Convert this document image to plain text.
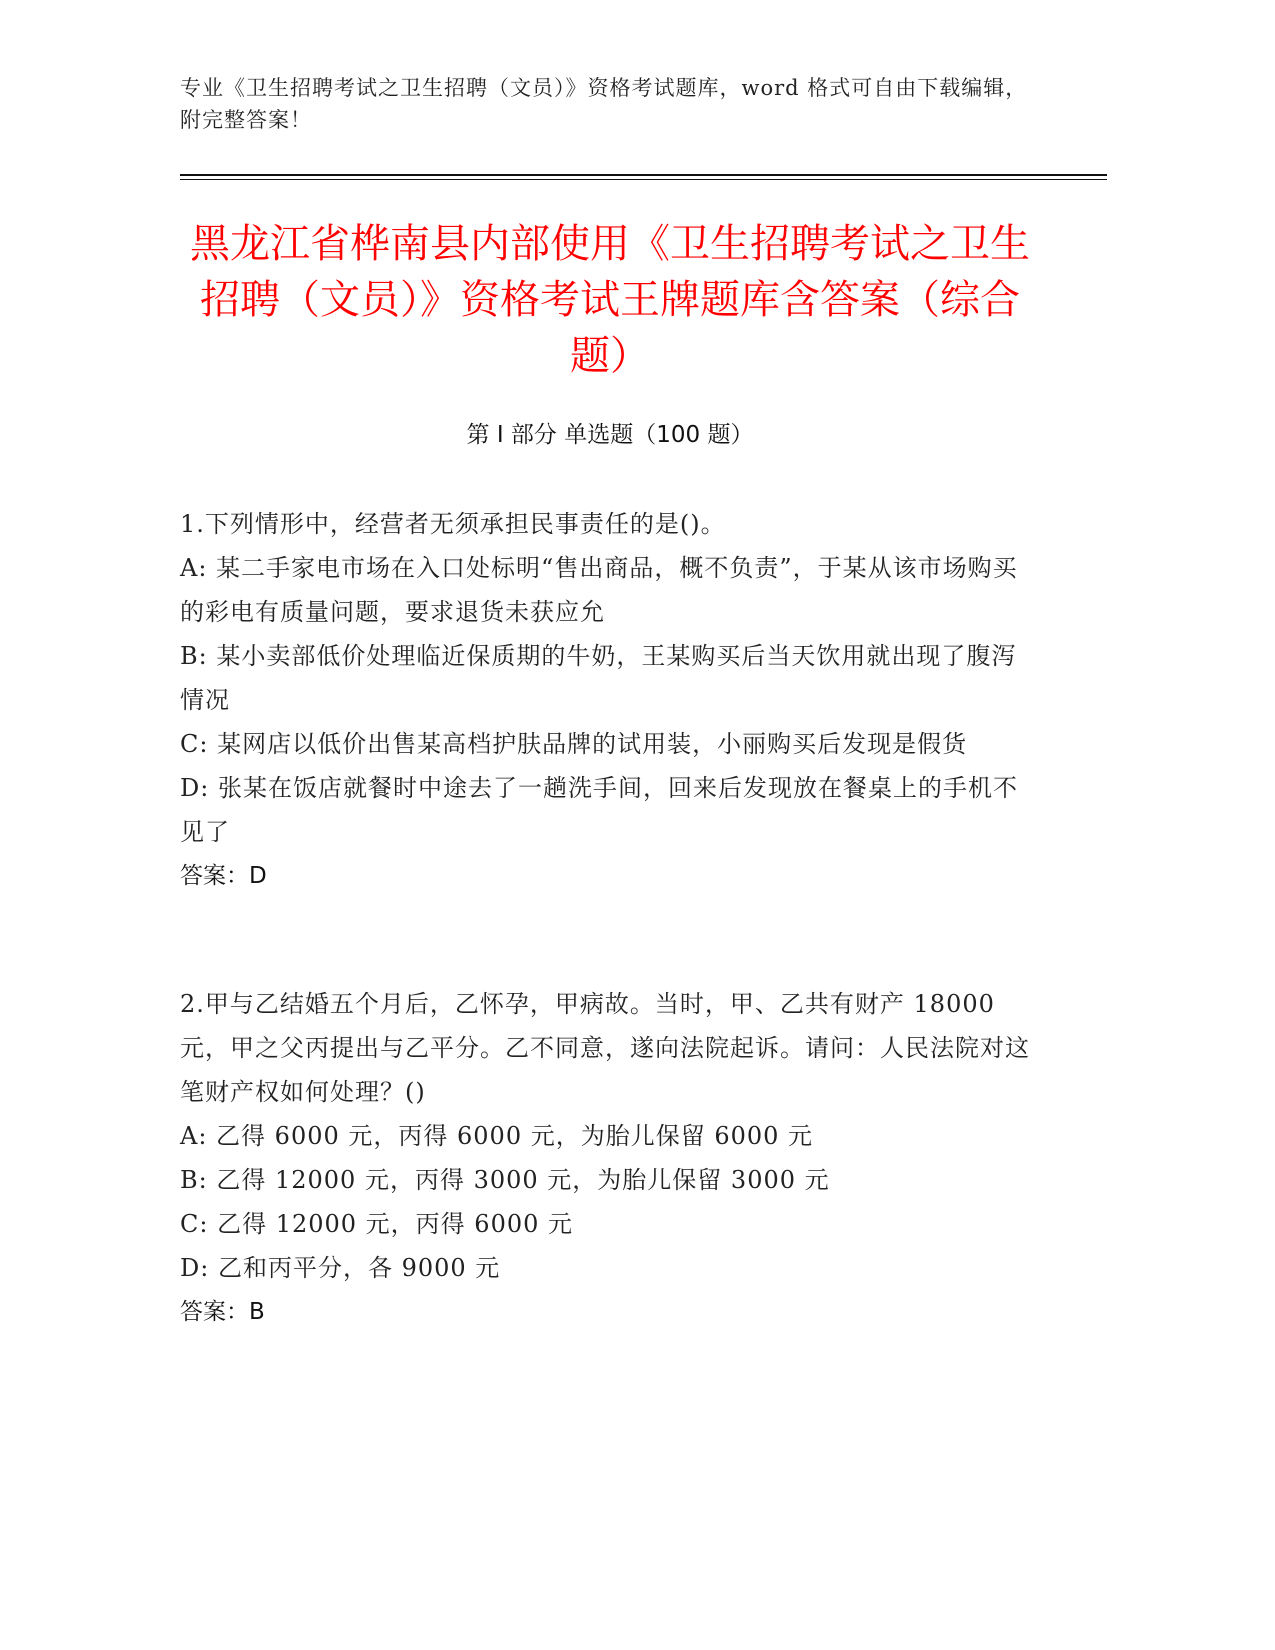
专业《卫生招聘考试之卫生招聘（文员）》资格考试题库，word 格式可自由下载编辑，附完整答案！
黑龙江省桦南县内部使用《卫生招聘考试之卫生招聘（文员）》资格考试王牌题库含答案（综合题）
第 I 部分 单选题（100 题）

1.下列情形中，经营者无须承担民事责任的是()。

A: 某二手家电市场在入口处标明“售出商品，概不负责”，于某从该市场购买的彩电有质量问题，要求退货未获应允

B: 某小卖部低价处理临近保质期的牛奶，王某购买后当天饮用就出现了腹泻情况

C: 某网店以低价出售某高档护肤品牌的试用装，小丽购买后发现是假货

D: 张某在饭店就餐时中途去了一趟洗手间，回来后发现放在餐桌上的手机不见了

答案：D

2.甲与乙结婚五个月后，乙怀孕，甲病故。当时，甲、乙共有财产 18000 元，甲之父丙提出与乙平分。乙不同意，遂向法院起诉。请问：人民法院对这笔财产权如何处理？()

A: 乙得 6000 元，丙得 6000 元，为胎儿保留 6000 元

B: 乙得 12000 元，丙得 3000 元，为胎儿保留 3000 元

C: 乙得 12000 元，丙得 6000 元

D: 乙和丙平分，各 9000 元

答案：B
